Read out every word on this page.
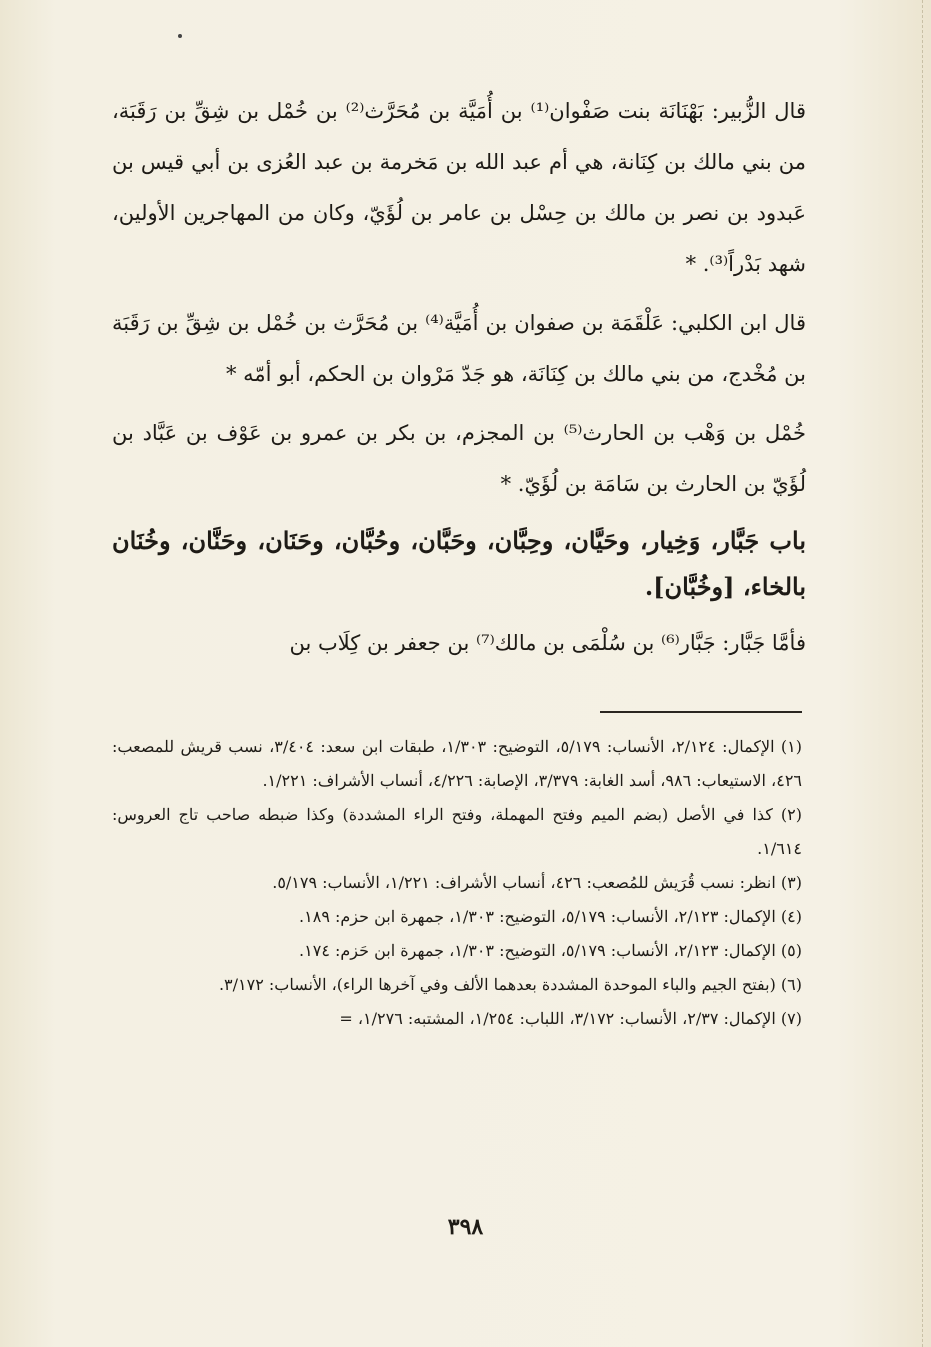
قال الزُّبير: بَهْنَانَة بنت صَفْوان⁽¹⁾ بن أُمَيَّة بن مُحَرَّث⁽²⁾ بن خُمْل بن شِقِّ بن رَقَبَة، من بني مالك بن كِنَانة، هي أم عبد الله بن مَخرمة بن عبد العُزى بن أبي قيس بن عَبدود بن نصر بن مالك بن حِسْل بن عامر بن لُؤَيّ، وكان من المهاجرين الأولين، شهد بَدْراً⁽³⁾. *

قال ابن الكلبي: عَلْقَمَة بن صفوان بن أُمَيَّة⁽⁴⁾ بن مُحَرَّث بن خُمْل بن شِقِّ بن رَقَبَة بن مُخْدج، من بني مالك بن كِنَانَة، هو جَدّ مَرْوان بن الحكم، أبو أمّه *

خُمْل بن وَهْب بن الحارث⁽⁵⁾ بن المجزم، بن بكر بن عمرو بن عَوْف بن عَبَّاد بن لُؤَيّ بن الحارث بن سَامَة بن لُؤَيّ. *

باب جَبَّار، وَخِيار، وحَيَّان، وحِبَّان، وحَبَّان، وحُبَّان، وحَنَان، وحَنَّان، وخُنَان بالخاء، [وخُبَّان].

فأمَّا جَبَّار: جَبَّار⁽⁶⁾ بن سُلْمَى بن مالك⁽⁷⁾ بن جعفر بن كِلَاب بن

(١) الإكمال: ٢/١٢٤، الأنساب: ٥/١٧٩، التوضيح: ١/٣٠٣، طبقات ابن سعد: ٣/٤٠٤، نسب قريش للمصعب: ٤٢٦، الاستيعاب: ٩٨٦، أسد الغابة: ٣/٣٧٩، الإصابة: ٤/٢٢٦، أنساب الأشراف: ١/٢٢١.

(٢) كذا في الأصل (بضم الميم وفتح المهملة، وفتح الراء المشددة) وكذا ضبطه صاحب تاج العروس: ١/٦١٤.

(٣) انظر: نسب قُرَيش للمُصعب: ٤٢٦، أنساب الأشراف: ١/٢٢١، الأنساب: ٥/١٧٩.

(٤) الإكمال: ٢/١٢٣، الأنساب: ٥/١٧٩، التوضيح: ١/٣٠٣، جمهرة ابن حزم: ١٨٩.

(٥) الإكمال: ٢/١٢٣، الأنساب: ٥/١٧٩، التوضيح: ١/٣٠٣، جمهرة ابن حَزم: ١٧٤.

(٦) (بفتح الجيم والباء الموحدة المشددة بعدهما الألف وفي آخرها الراء)، الأنساب: ٣/١٧٢.

(٧) الإكمال: ٢/٣٧، الأنساب: ٣/١٧٢، اللباب: ١/٢٥٤، المشتبه: ١/٢٧٦، =

٣٩٨
